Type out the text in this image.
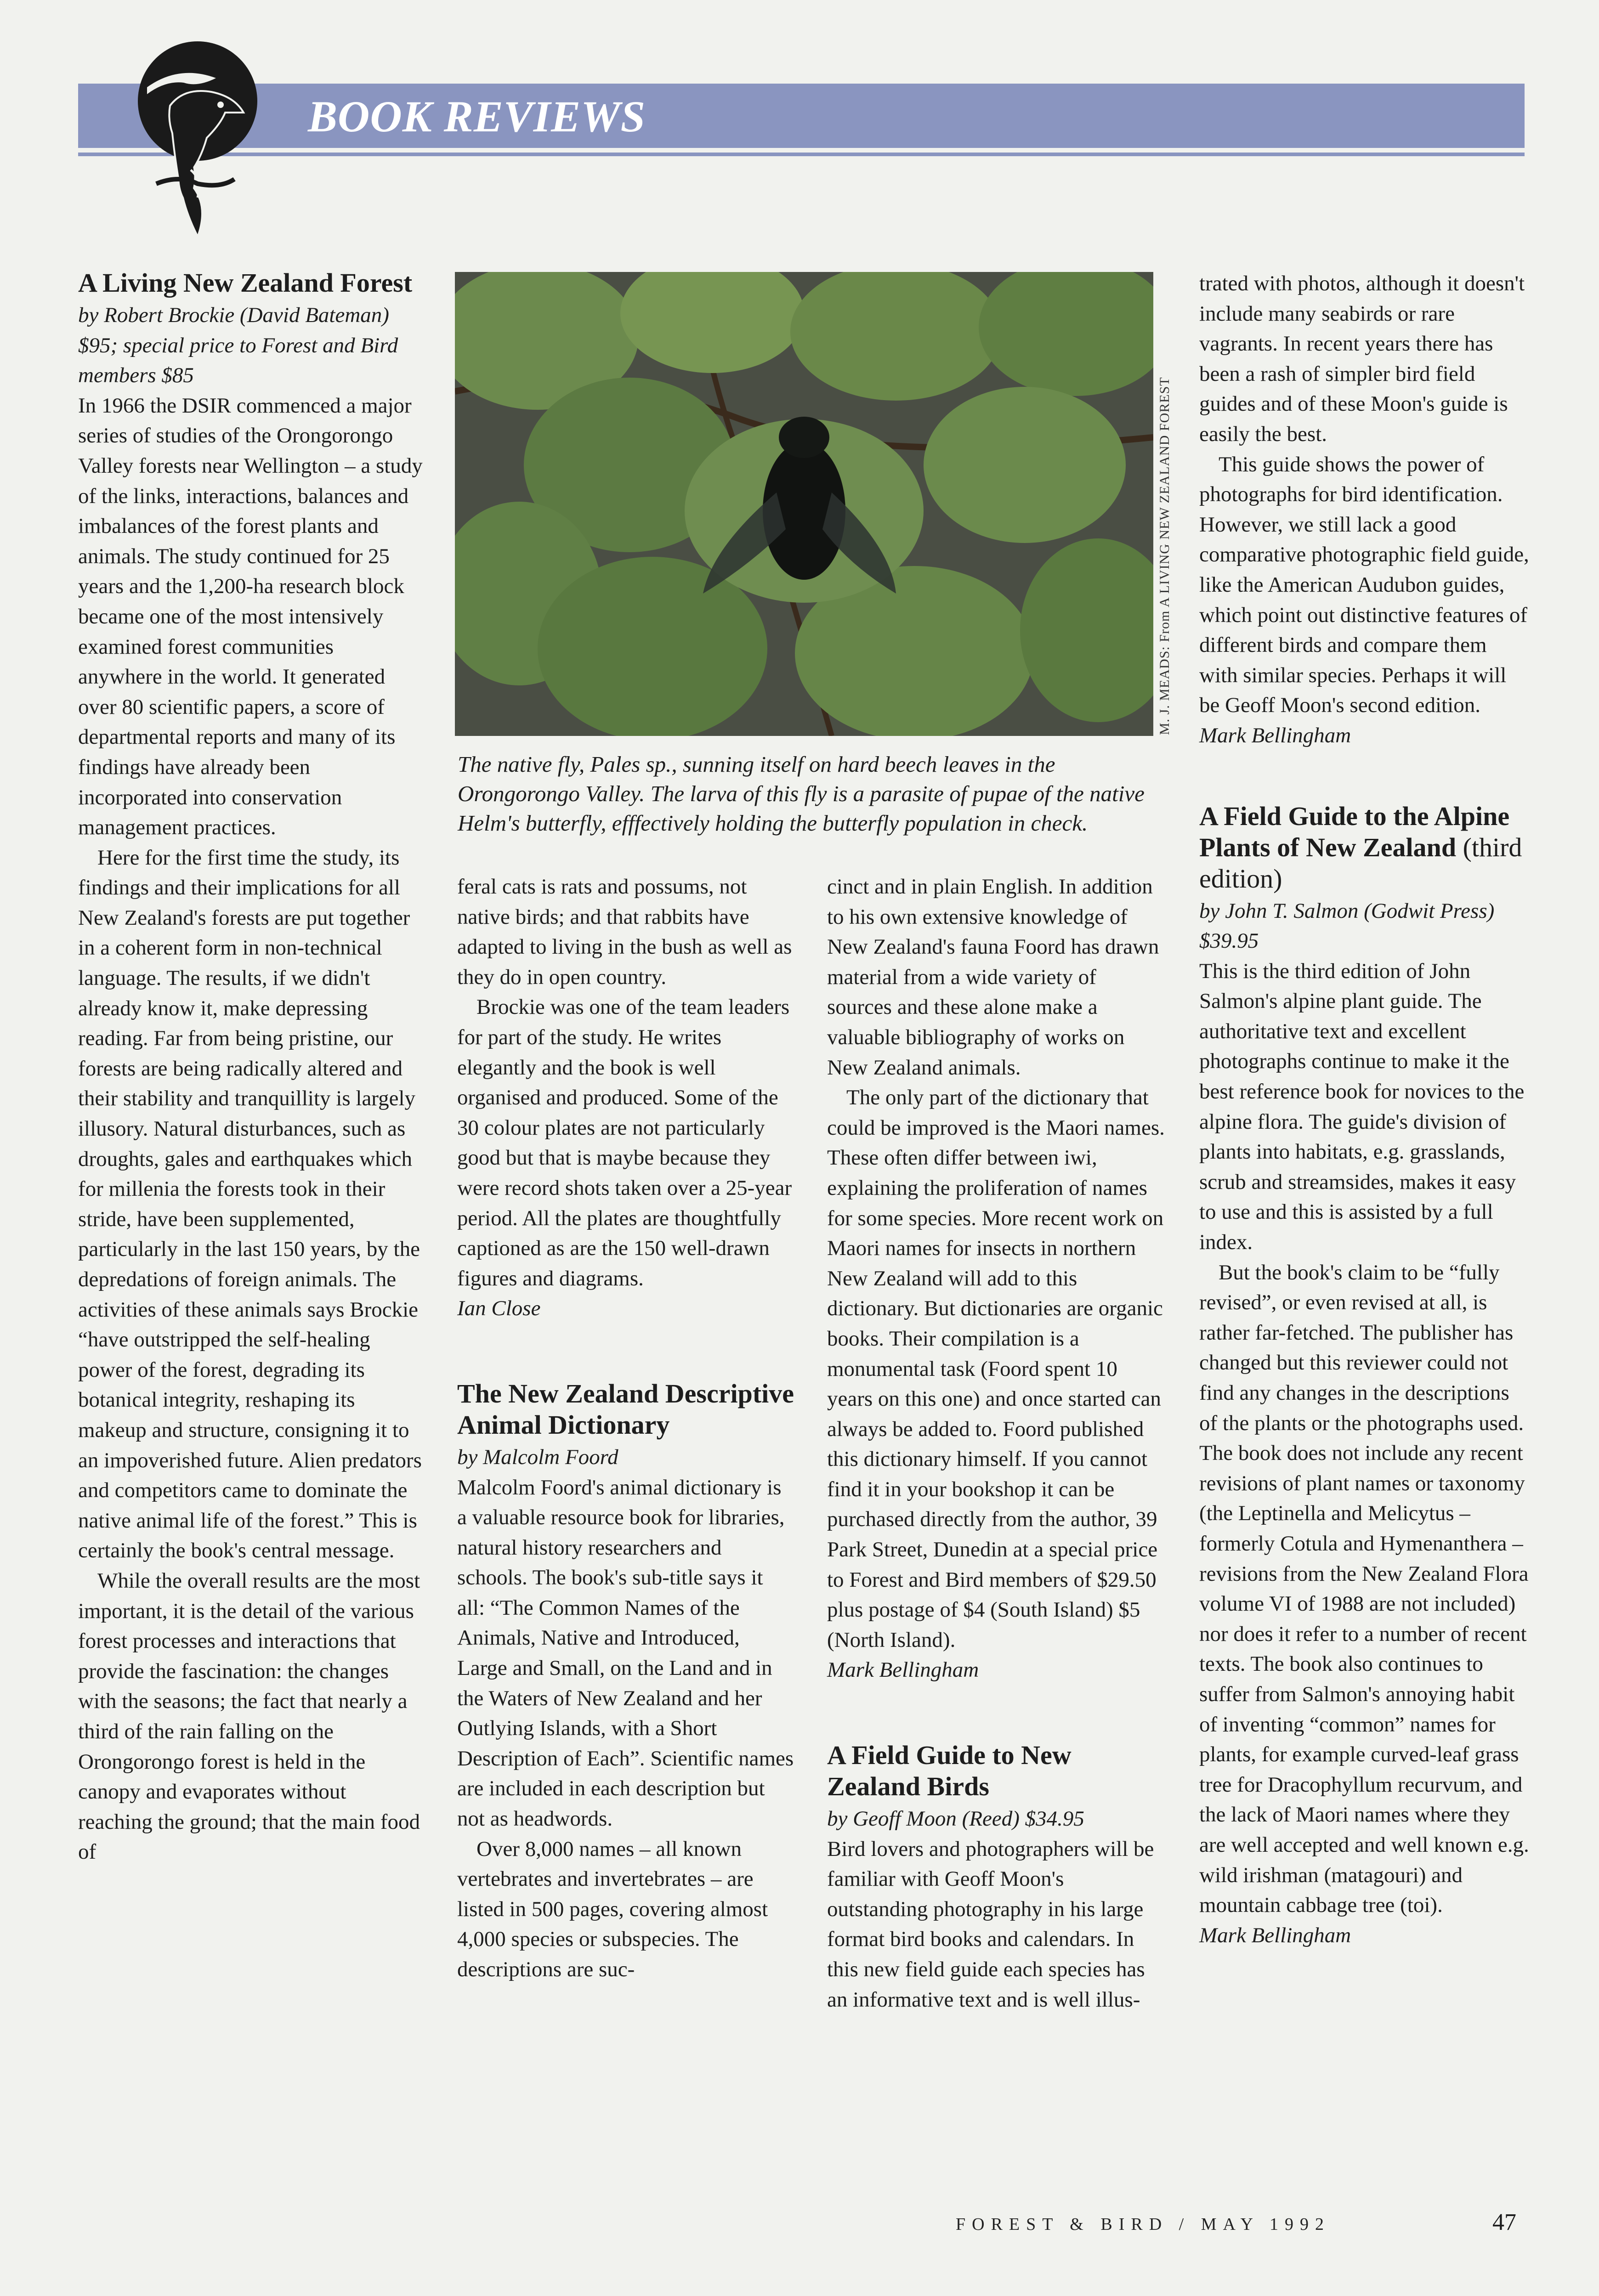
BOOK REVIEWS
A Living New Zealand Forest

by Robert Brockie (David Bateman) $95; special price to Forest and Bird members $85

In 1966 the DSIR commenced a major series of studies of the Orongorongo Valley forests near Wellington – a study of the links, interactions, balances and imbalances of the forest plants and animals. The study continued for 25 years and the 1,200-ha research block became one of the most intensively examined forest communities anywhere in the world. It generated over 80 scientific papers, a score of departmental reports and many of its findings have already been incorporated into conservation management practices.

Here for the first time the study, its findings and their implications for all New Zealand's forests are put together in a coherent form in non-technical language. The results, if we didn't already know it, make depressing reading. Far from being pristine, our forests are being radically altered and their stability and tranquillity is largely illusory. Natural disturbances, such as droughts, gales and earthquakes which for millenia the forests took in their stride, have been supplemented, particularly in the last 150 years, by the depredations of foreign animals. The activities of these animals says Brockie “have outstripped the self-healing power of the forest, degrading its botanical integrity, reshaping its makeup and structure, consigning it to an impoverished future. Alien predators and competitors came to dominate the native animal life of the forest.” This is certainly the book's central message.

While the overall results are the most important, it is the detail of the various forest processes and interactions that provide the fascination: the changes with the seasons; the fact that nearly a third of the rain falling on the Orongorongo forest is held in the canopy and evaporates without reaching the ground; that the main food of

M. J. MEADS: From A LIVING NEW ZEALAND FOREST
The native fly, Pales sp., sunning itself on hard beech leaves in the Orongorongo Valley. The larva of this fly is a parasite of pupae of the native Helm's butterfly, efffectively holding the butterfly population in check.

feral cats is rats and possums, not native birds; and that rabbits have adapted to living in the bush as well as they do in open country.

Brockie was one of the team leaders for part of the study. He writes elegantly and the book is well organised and produced. Some of the 30 colour plates are not particularly good but that is maybe because they were record shots taken over a 25-year period. All the plates are thoughtfully captioned as are the 150 well-drawn figures and diagrams.

Ian Close

The New Zealand Descriptive Animal Dictionary

by Malcolm Foord

Malcolm Foord's animal dictionary is a valuable resource book for libraries, natural history researchers and schools. The book's sub-title says it all: “The Common Names of the Animals, Native and Introduced, Large and Small, on the Land and in the Waters of New Zealand and her Outlying Islands, with a Short Description of Each”. Scientific names are included in each description but not as headwords.

Over 8,000 names – all known vertebrates and invertebrates – are listed in 500 pages, covering almost 4,000 species or subspecies. The descriptions are suc-

cinct and in plain English. In addition to his own extensive knowledge of New Zealand's fauna Foord has drawn material from a wide variety of sources and these alone make a valuable bibliography of works on New Zealand animals.

The only part of the dictionary that could be improved is the Maori names. These often differ between iwi, explaining the proliferation of names for some species. More recent work on Maori names for insects in northern New Zealand will add to this dictionary. But dictionaries are organic books. Their compilation is a monumental task (Foord spent 10 years on this one) and once started can always be added to. Foord published this dictionary himself. If you cannot find it in your bookshop it can be purchased directly from the author, 39 Park Street, Dunedin at a special price to Forest and Bird members of $29.50 plus postage of $4 (South Island) $5 (North Island).

Mark Bellingham

A Field Guide to New Zealand Birds

by Geoff Moon (Reed) $34.95

Bird lovers and photographers will be familiar with Geoff Moon's outstanding photography in his large format bird books and calendars. In this new field guide each species has an informative text and is well illus-

trated with photos, although it doesn't include many seabirds or rare vagrants. In recent years there has been a rash of simpler bird field guides and of these Moon's guide is easily the best.

This guide shows the power of photographs for bird identification. However, we still lack a good comparative photographic field guide, like the American Audubon guides, which point out distinctive features of different birds and compare them with similar species. Perhaps it will be Geoff Moon's second edition.

Mark Bellingham

A Field Guide to the Alpine Plants of New Zealand (third edition)

by John T. Salmon (Godwit Press) $39.95

This is the third edition of John Salmon's alpine plant guide. The authoritative text and excellent photographs continue to make it the best reference book for novices to the alpine flora. The guide's division of plants into habitats, e.g. grasslands, scrub and streamsides, makes it easy to use and this is assisted by a full index.

But the book's claim to be “fully revised”, or even revised at all, is rather far-fetched. The publisher has changed but this reviewer could not find any changes in the descriptions of the plants or the photographs used. The book does not include any recent revisions of plant names or taxonomy (the Leptinella and Melicytus – formerly Cotula and Hymenanthera – revisions from the New Zealand Flora volume VI of 1988 are not included) nor does it refer to a number of recent texts. The book also continues to suffer from Salmon's annoying habit of inventing “common” names for plants, for example curved-leaf grass tree for Dracophyllum recurvum, and the lack of Maori names where they are well accepted and well known e.g. wild irishman (matagouri) and mountain cabbage tree (toi).

Mark Bellingham

FOREST & BIRD / MAY 1992	47
